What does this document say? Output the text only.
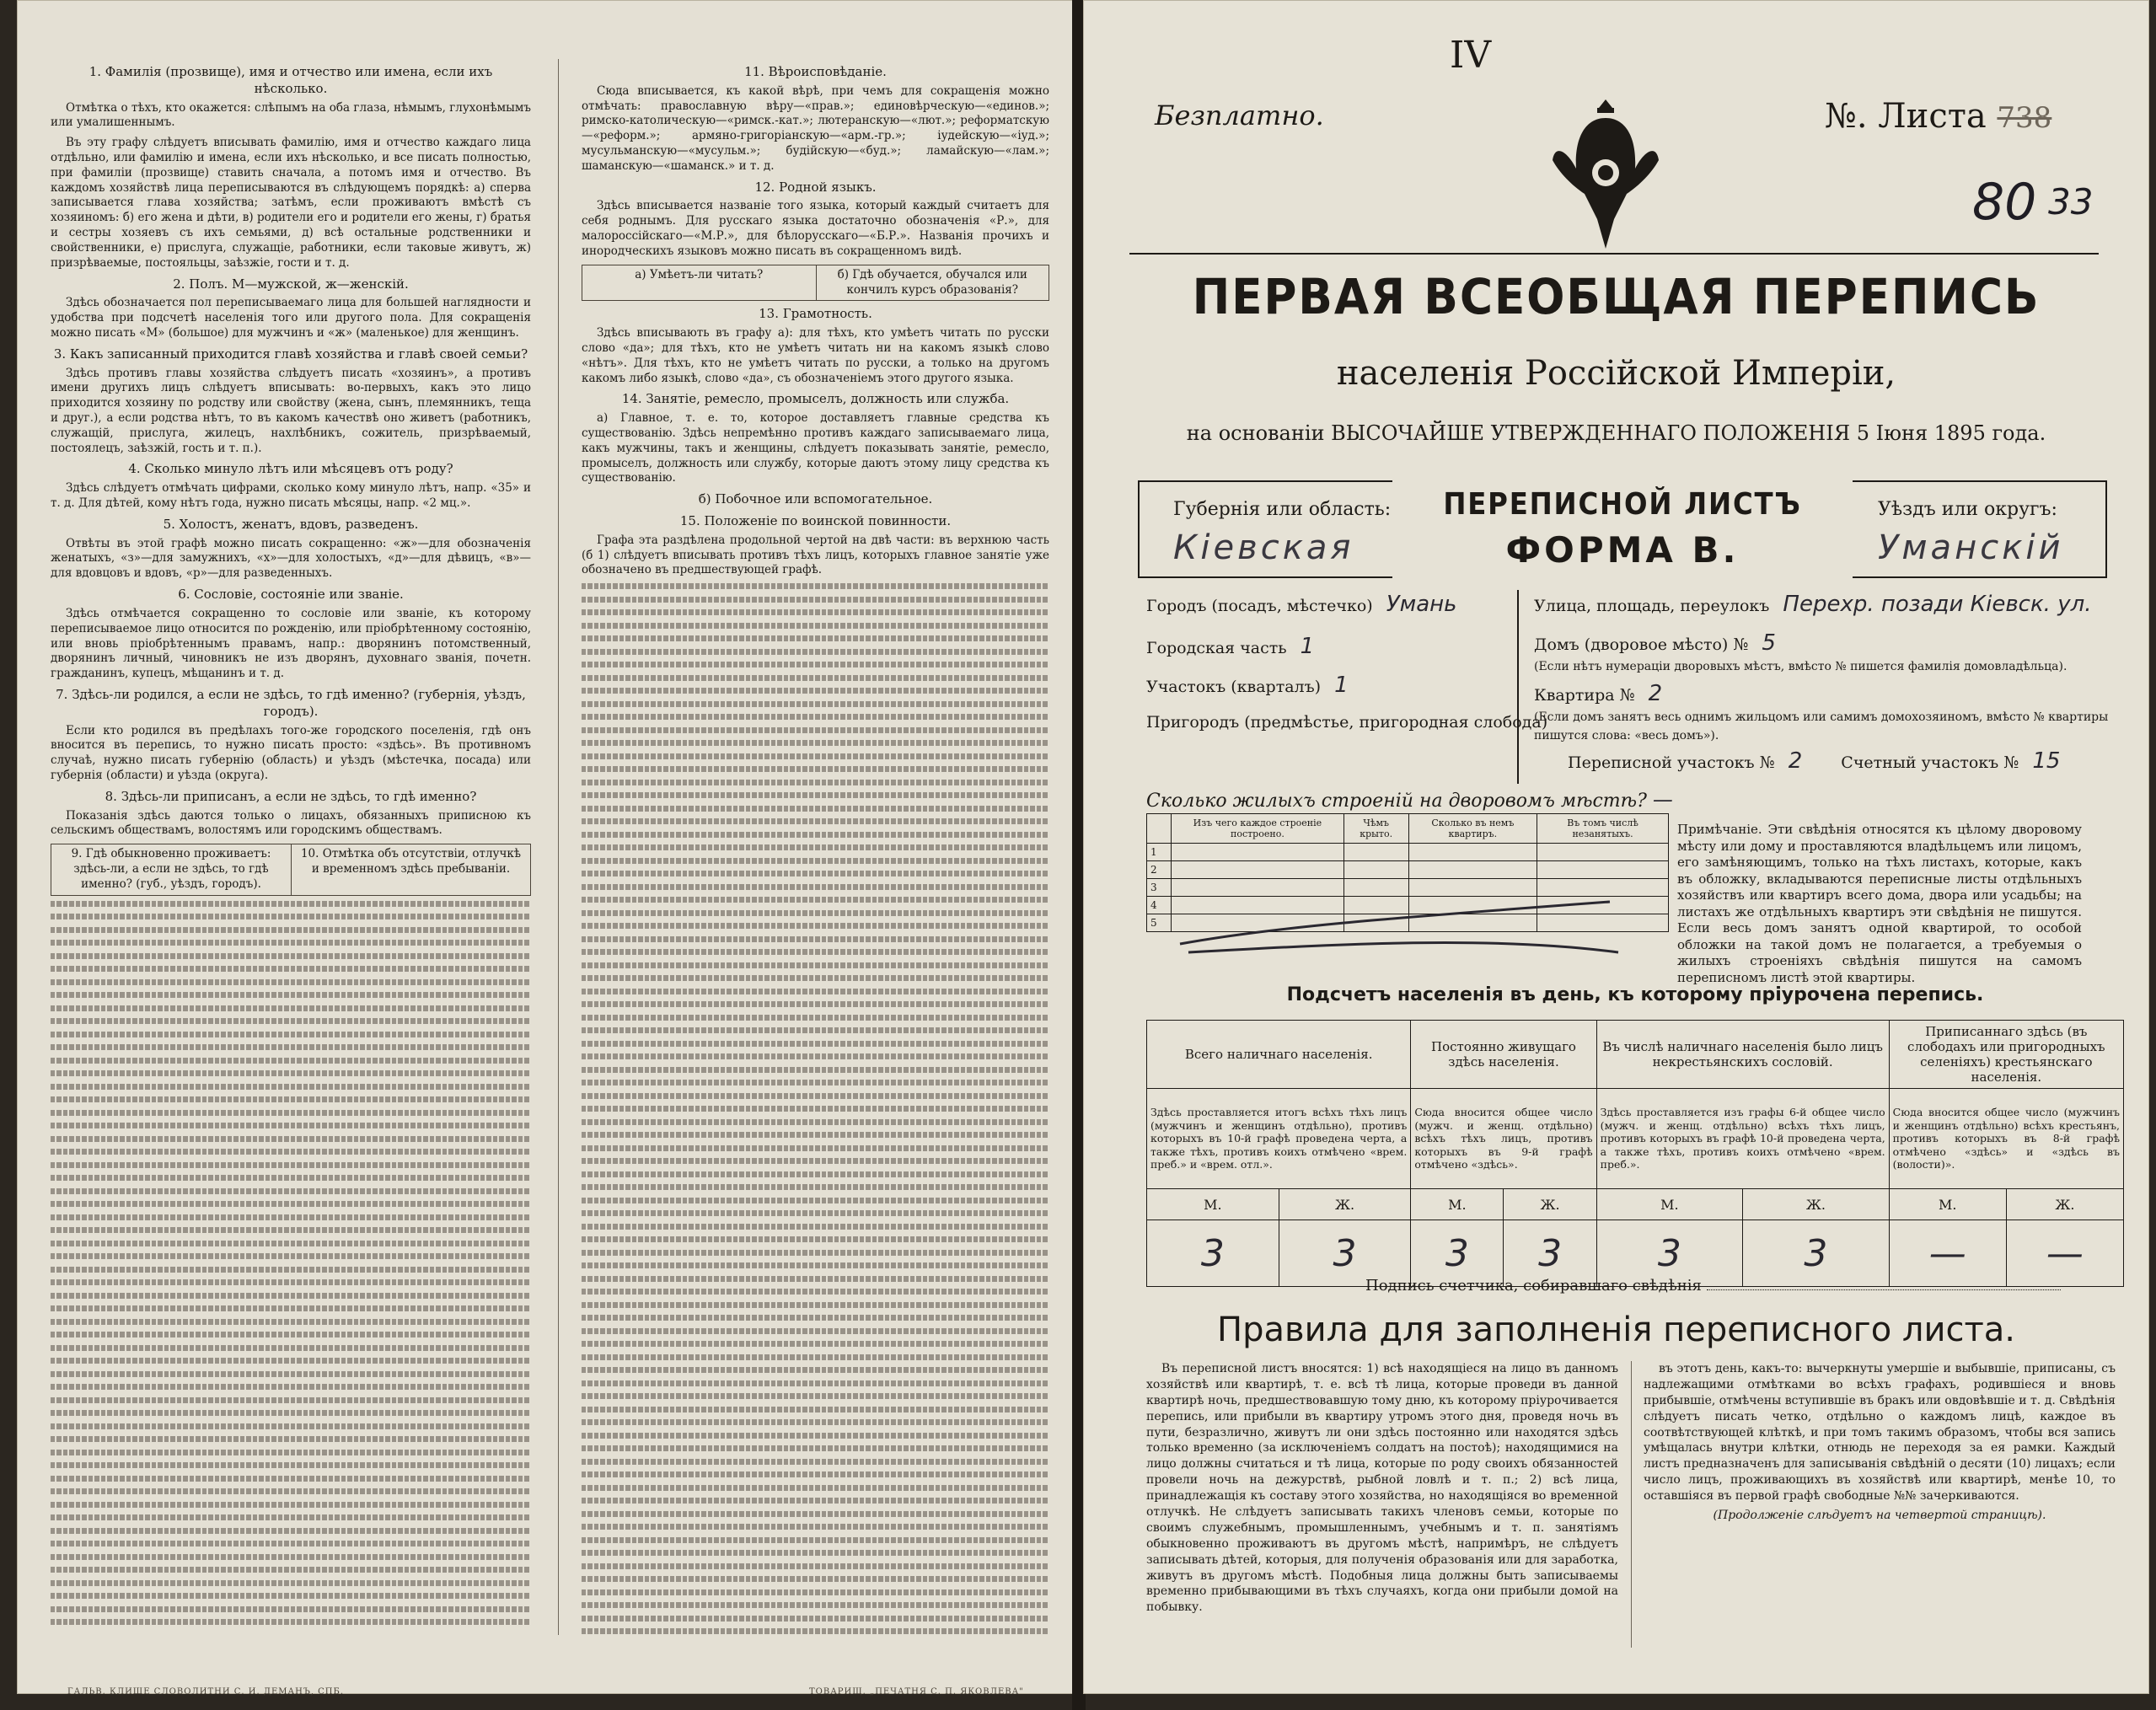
1. Фамилія (прозвище), имя и отчество или имена, если ихъ нѣсколько.

Отмѣтка о тѣхъ, кто окажется: слѣпымъ на оба глаза, нѣмымъ, глухонѣмымъ или умалишеннымъ.

Въ эту графу слѣдуетъ вписывать фамилію, имя и отчество каждаго лица отдѣльно, или фамилію и имена, если ихъ нѣсколько, и все писать полностью, при фамиліи (прозвище) ставить сначала, а потомъ имя и отчество. Въ каждомъ хозяйствѣ лица переписываются въ слѣдующемъ порядкѣ: а) сперва записывается глава хозяйства; затѣмъ, если проживаютъ вмѣстѣ съ хозяиномъ: б) его жена и дѣти, в) родители его и родители его жены, г) братья и сестры хозяевъ съ ихъ семьями, д) всѣ остальные родственники и свойственники, е) прислуга, служащіе, работники, если таковые живутъ, ж) призрѣваемые, постояльцы, заѣзжіе, гости и т. д.

2. Полъ. М—мужской, ж—женскій.

Здѣсь обозначается пол переписываемаго лица для большей наглядности и удобства при подсчетѣ населенія того или другого пола. Для сокращенія можно писать «М» (большое) для мужчинъ и «ж» (маленькое) для женщинъ.

3. Какъ записанный приходится главѣ хозяйства и главѣ своей семьи?

Здѣсь противъ главы хозяйства слѣдуетъ писать «хозяинъ», а противъ имени другихъ лицъ слѣдуетъ вписывать: во-первыхъ, какъ это лицо приходится хозяину по родству или свойству (жена, сынъ, племянникъ, теща и друг.), а если родства нѣтъ, то въ какомъ качествѣ оно живетъ (работникъ, служащій, прислуга, жилецъ, нахлѣбникъ, сожитель, призрѣваемый, постоялецъ, заѣзжій, гость и т. п.).

4. Сколько минуло лѣтъ или мѣсяцевъ отъ роду?

Здѣсь слѣдуетъ отмѣчать цифрами, сколько кому минуло лѣтъ, напр. «35» и т. д. Для дѣтей, кому нѣтъ года, нужно писать мѣсяцы, напр. «2 мц.».

5. Холостъ, женатъ, вдовъ, разведенъ.

Отвѣты въ этой графѣ можно писать сокращенно: «ж»—для обозначенія женатыхъ, «з»—для замужнихъ, «х»—для холостыхъ, «д»—для дѣвицъ, «в»—для вдовцовъ и вдовъ, «р»—для разведенныхъ.

6. Сословіе, состояніе или званіе.

Здѣсь отмѣчается сокращенно то сословіе или званіе, къ которому переписываемое лицо относится по рожденію, или пріобрѣтенному состоянію, или вновь пріобрѣтеннымъ правамъ, напр.: дворянинъ потомственный, дворянинъ личный, чиновникъ не изъ дворянъ, духовнаго званія, почетн. гражданинъ, купецъ, мѣщанинъ и т. д.

7. Здѣсь-ли родился, а если не здѣсь, то гдѣ именно? (губернія, уѣздъ, городъ).

Если кто родился въ предѣлахъ того-же городского поселенія, гдѣ онъ вносится въ перепись, то нужно писать просто: «здѣсь». Въ противномъ случаѣ, нужно писать губернію (область) и уѣздъ (мѣстечка, посада) или губернія (области) и уѣзда (округа).

8. Здѣсь-ли приписанъ, а если не здѣсь, то гдѣ именно?

Показанія здѣсь даются только о лицахъ, обязанныхъ приписною къ сельскимъ обществамъ, волостямъ или городскимъ обществамъ.

9. Гдѣ обыкновенно проживаетъ: здѣсь-ли, а если не здѣсь, то гдѣ именно? (губ., уѣздъ, городъ).
10. Отмѣтка объ отсутствіи, отлучкѣ и временномъ здѣсь пребываніи.
11. Вѣроисповѣданіе.

Сюда вписывается, къ какой вѣрѣ, при чемъ для сокращенія можно отмѣчать: православную вѣру—«прав.»; единовѣрческую—«единов.»; римско-католическую—«римск.-кат.»; лютеранскую—«лют.»; реформатскую—«реформ.»; армяно-григоріанскую—«арм.-гр.»; іудейскую—«іуд.»; мусульманскую—«мусульм.»; будійскую—«буд.»; ламайскую—«лам.»; шаманскую—«шаманск.» и т. д.

12. Родной языкъ.

Здѣсь вписывается названіе того языка, который каждый считаетъ для себя роднымъ. Для русскаго языка достаточно обозначенія «Р.», для малороссійскаго—«М.Р.», для бѣлорусскаго—«Б.Р.». Названія прочихъ и инородческихъ языковъ можно писать въ сокращенномъ видѣ.

а) Умѣетъ-ли читать?	б) Гдѣ обучается, обучался или кончилъ курсъ образованія?
13. Грамотность.

Здѣсь вписывають въ графу а): для тѣхъ, кто умѣетъ читать по русски слово «да»; для тѣхъ, кто не умѣетъ читать ни на какомъ языкѣ слово «нѣтъ». Для тѣхъ, кто не умѣетъ читать по русски, а только на другомъ какомъ либо языкѣ, слово «да», съ обозначеніемъ этого другого языка.

14. Занятіе, ремесло, промыселъ, должность или служба.

а) Главное, т. е. то, которое доставляетъ главные средства къ существованію. Здѣсь непремѣнно противъ каждаго записываемаго лица, какъ мужчины, такъ и женщины, слѣдуетъ показывать занятіе, ремесло, промыселъ, должность или службу, которые даютъ этому лицу средства къ существованію.

б) Побочное или вспомогательное.
15. Положеніе по воинской повинности.

Графа эта раздѣлена продольной чертой на двѣ части: въ верхнюю часть (б 1) слѣдуетъ вписывать противъ тѣхъ лицъ, которыхъ главное занятіе уже обозначено въ предшествующей графѣ.

ГАЛЬВ. КЛИШЕ СЛОВОЛИТНИ С. И. ДЕМАНЪ, СПБ.	ТОВАРИЩ. „ПЕЧАТНЯ С. П. ЯКОВЛЕВА"
IV
Безплатно.	№. Листа 738
80 33
ПЕРВАЯ ВСЕОБЩАЯ ПЕРЕПИСЬ
населенія Россійской Имперіи,
на основаніи ВЫСОЧАЙШЕ УТВЕРЖДЕННАГО ПОЛОЖЕНІЯ 5 Іюня 1895 года.
Губернія или область:
Кіевская
ПЕРЕПИСНОЙ ЛИСТЪ
ФОРМА В.
Уѣздъ или округъ:
Уманскій
Городъ (посадъ, мѣстечко) Умань
Городская часть 1
Участокъ (кварталъ) 1
Пригородъ (предмѣстье, пригородная слобода)
Улица, площадь, переулокъ Перехр. позади Кіевск. ул.
Домъ (дворовое мѣсто) № 5
(Если нѣтъ нумераціи дворовыхъ мѣстъ, вмѣсто № пишется фамилія домовладѣльца).
Квартира № 2
(Если домъ занятъ весь однимъ жильцомъ или самимъ домохозяиномъ, вмѣсто № квартиры пишутся слова: «весь домъ»).
Переписной участокъ № 2 Счетный участокъ № 15
Сколько жилыхъ строеній на дворовомъ мѣстѣ? —
	Изъ чего каждое строеніе построено.	Чѣмъ крыто.	Сколько въ немъ квартиръ.	Въ томъ числѣ незанятыхъ.
1				
2				
3				
4				
5				
Примѣчаніе. Эти свѣдѣнія относятся къ цѣлому дворовому мѣсту или дому и проставляются владѣльцемъ или лицомъ, его замѣняющимъ, только на тѣхъ листахъ, которые, какъ въ обложку, вкладываются переписные листы отдѣльныхъ хозяйствъ или квартиръ всего дома, двора или усадьбы; на листахъ же отдѣльныхъ квартиръ эти свѣдѣнія не пишутся. Если весь домъ занятъ одной квартирой, то особой обложки на такой домъ не полагается, а требуемыя о жилыхъ строеніяхъ свѣдѣнія пишутся на самомъ переписномъ листѣ этой квартиры.
Подсчетъ населенія въ день, къ которому пріурочена перепись.
Всего наличнаго населенія.		Постоянно живущаго здѣсь населенія.		Въ числѣ наличнаго населенія было лицъ некрестьянскихъ сословій.		Приписаннаго здѣсь (въ слободахъ или пригородныхъ селеніяхъ) крестьянскаго населенія.	
Здѣсь проставляется итогъ всѣхъ тѣхъ лицъ (мужчинъ и женщинъ отдѣльно), противъ которыхъ въ 10-й графѣ проведена черта, а также тѣхъ, противъ коихъ отмѣчено «врем. преб.» и «врем. отл.».		Сюда вносится общее число (мужч. и женщ. отдѣльно) всѣхъ тѣхъ лицъ, противъ которыхъ въ 9-й графѣ отмѣчено «здѣсь».		Здѣсь проставляется изъ графы 6-й общее число (мужч. и женщ. отдѣльно) всѣхъ тѣхъ лицъ, противъ которыхъ въ графѣ 10-й проведена черта, а также тѣхъ, противъ коихъ отмѣчено «врем. преб.».		Сюда вносится общее число (мужчинъ и женщинъ отдѣльно) всѣхъ крестьянъ, противъ которыхъ въ 8-й графѣ отмѣчено «здѣсь» и «здѣсь въ (волости)».	
М.	Ж.	М.	Ж.	М.	Ж.	М.	Ж.
3	3	3	3	3	3	—	—
Подпись счетчика, собиравшаго свѣдѣнія
Правила для заполненія переписного листа.

Въ переписной листъ вносятся: 1) всѣ находящіеся на лицо въ данномъ хозяйствѣ или квартирѣ, т. е. всѣ тѣ лица, которые проведи въ данной квартирѣ ночь, предшествовавшую тому дню, къ которому пріурочивается перепись, или прибыли въ квартиру утромъ этого дня, проведя ночь въ пути, безразлично, живутъ ли они здѣсь постоянно или находятся здѣсь только временно (за исключеніемъ солдатъ на постоѣ); находящимися на лицо должны считаться и тѣ лица, которые по роду своихъ обязанностей провели ночь на дежурствѣ, рыбной ловлѣ и т. п.; 2) всѣ лица, принадлежащія къ составу этого хозяйства, но находящіяся во временной отлучкѣ. Не слѣдуетъ записывать такихъ членовъ семьи, которые по своимъ служебнымъ, промышленнымъ, учебнымъ и т. п. занятіямъ обыкновенно проживаютъ въ другомъ мѣстѣ, напримѣръ, не слѣдуетъ записывать дѣтей, которыя, для полученія образованія или для заработка, живутъ въ другомъ мѣстѣ. Подобныя лица должны быть записываемы временно прибывающими въ тѣхъ случаяхъ, когда они прибыли домой на побывку.

въ этотъ день, какъ-то: вычеркнуты умершіе и выбывшіе, приписаны, съ надлежащими отмѣтками во всѣхъ графахъ, родившіеся и вновь прибывшіе, отмѣчены вступившіе въ бракъ или овдовѣвшіе и т. д. Свѣдѣнія слѣдуетъ писать четко, отдѣльно о каждомъ лицѣ, каждое въ соотвѣтствующей клѣткѣ, и при томъ такимъ образомъ, чтобы вся запись умѣщалась внутри клѣтки, отнюдь не переходя за ея рамки. Каждый листъ предназначенъ для записыванія свѣдѣній о десяти (10) лицахъ; если число лицъ, проживающихъ въ хозяйствѣ или квартирѣ, менѣе 10, то оставшіяся въ первой графѣ свободные №№ зачеркиваются.

(Продолженіе слѣдуетъ на четвертой страницѣ).
